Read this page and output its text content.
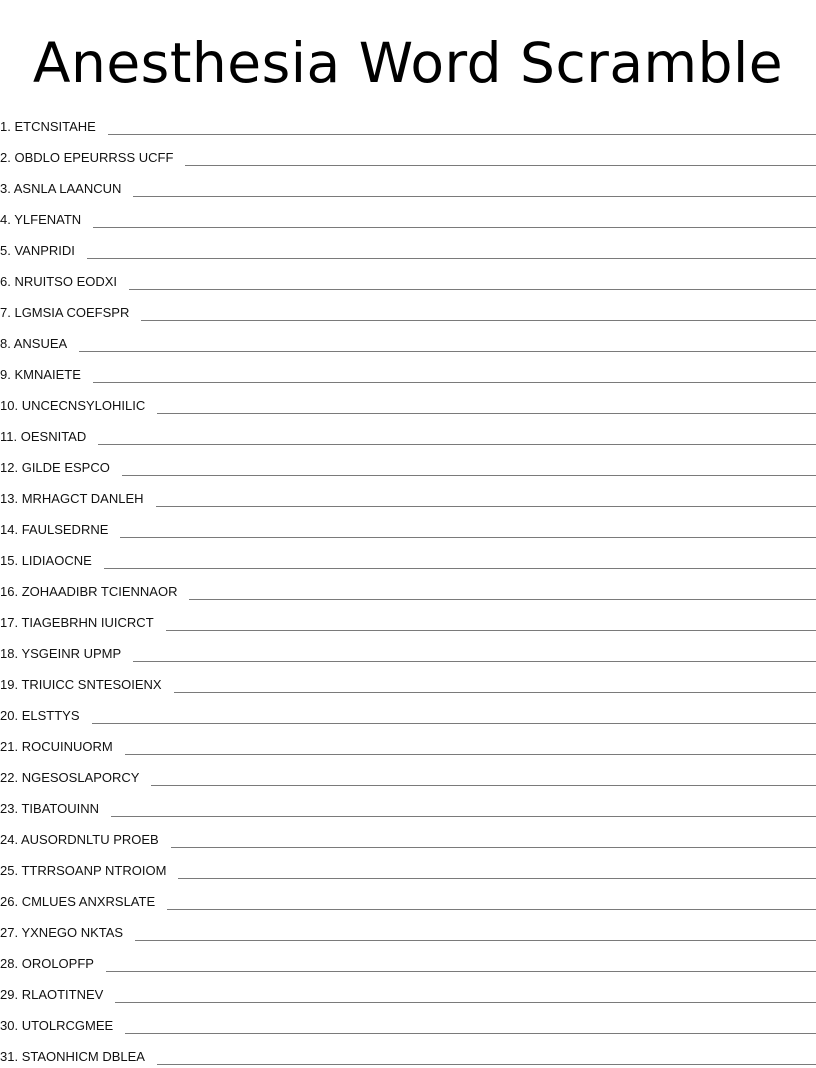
Anesthesia Word Scramble
1. ETCNSITAHE
2. OBDLO EPEURRSS UCFF
3. ASNLA LAANCUN
4. YLFENATN
5. VANPRIDI
6. NRUITSO EODXI
7. LGMSIA COEFSPR
8. ANSUEA
9. KMNAIETE
10. UNCECNSYLOHILIC
11. OESNITAD
12. GILDE ESPCO
13. MRHAGCT DANLEH
14. FAULSEDRNE
15. LIDIAOCNE
16. ZOHAADIBR TCIENNAOR
17. TIAGEBRHN IUICRCT
18. YSGEINR UPMP
19. TRIUICC SNTESOIENX
20. ELSTTYS
21. ROCUINUORM
22. NGESOSLAPORCY
23. TIBATOUINN
24. AUSORDNLTU PROEB
25. TTRRSOANP NTROIOM
26. CMLUES ANXRSLATE
27. YXNEGO NKTAS
28. OROLOPFP
29. RLAOTITNEV
30. UTOLRCGMEE
31. STAONHICM DBLEA
